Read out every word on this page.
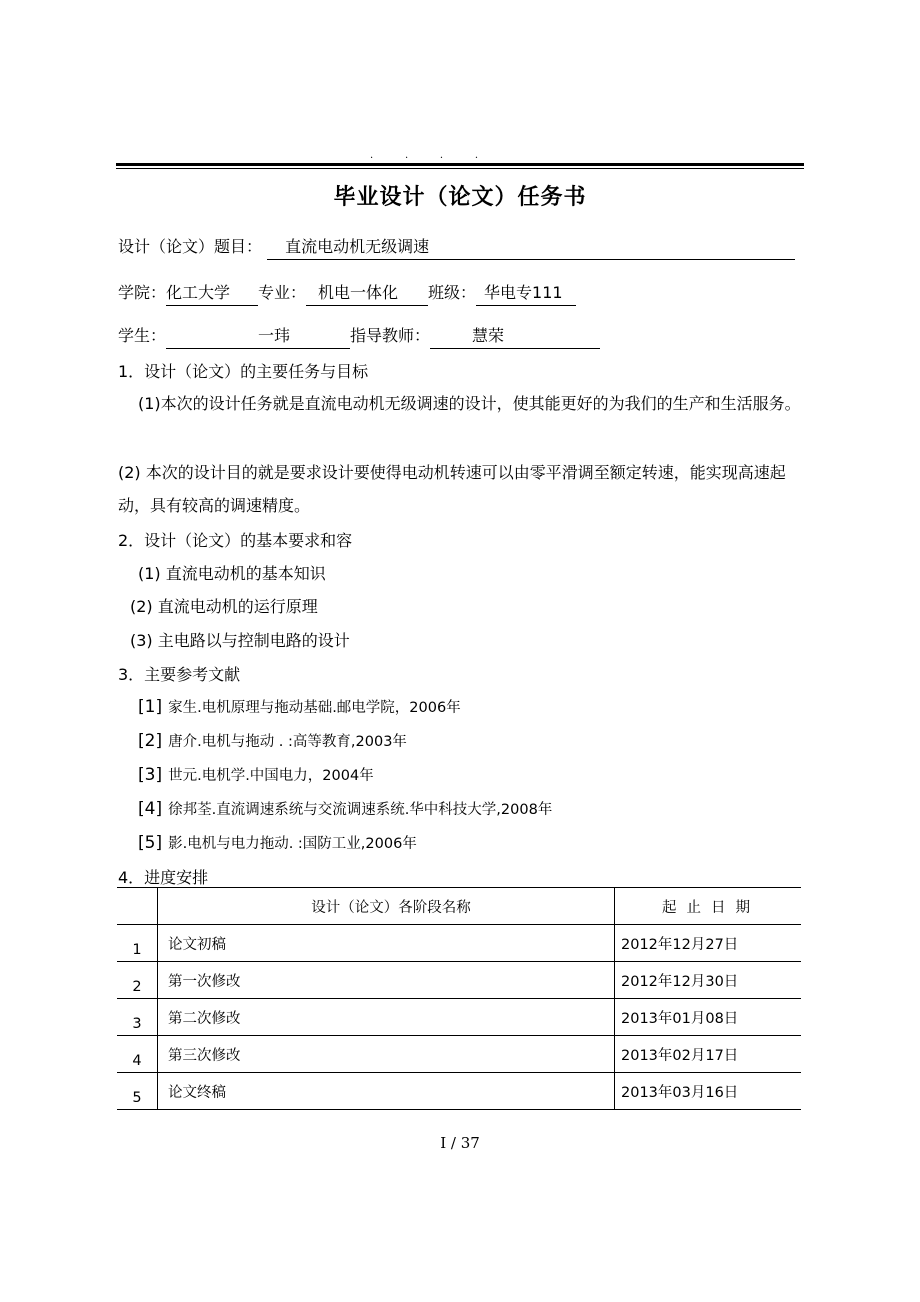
.          .          .          .
毕业设计（论文）任务书
设计（论文）题目： 直流电动机无级调速
学院：化工大学 专业： 机电一体化 班级： 华电专111
学生：	一玮	指导教师：	慧荣
1．设计（论文）的主要任务与目标
(1)本次的设计任务就是直流电动机无级调速的设计，使其能更好的为我们的生产和生活服务。
(2) 本次的设计目的就是要求设计要使得电动机转速可以由零平滑调至额定转速，能实现高速起动，具有较高的调速精度。
2．设计（论文）的基本要求和容
(1) 直流电动机的基本知识
(2) 直流电动机的运行原理
(3) 主电路以与控制电路的设计
3．主要参考文献
[1] 家生.电机原理与拖动基础.邮电学院，2006年
[2] 唐介.电机与拖动 . :高等教育,2003年
[3] 世元.电机学.中国电力，2004年
[4] 徐邦荃.直流调速系统与交流调速系统.华中科技大学,2008年
[5] 影.电机与电力拖动. :国防工业,2006年
4．进度安排
	设计（论文）各阶段名称	起止日期
1	论文初稿	2012年12月27日
2	第一次修改	2012年12月30日
3	第二次修改	2013年01月08日
4	第三次修改	2013年02月17日
5	论文终稿	2013年03月16日
I / 37
